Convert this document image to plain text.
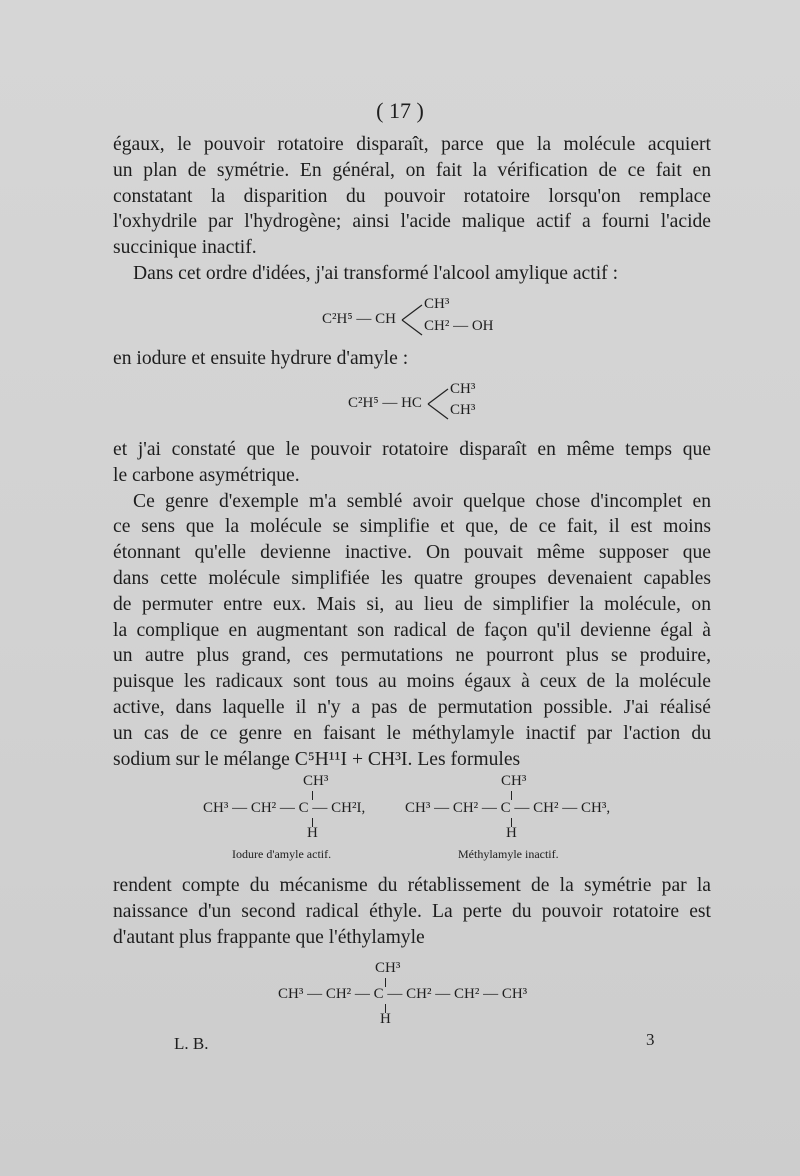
( 17 )
égaux, le pouvoir rotatoire disparaît, parce que la molécule acquiert
un plan de symétrie. En général, on fait la vérification de ce fait en
constatant la disparition du pouvoir rotatoire lorsqu'on remplace
l'oxhydrile par l'hydrogène; ainsi l'acide malique actif a fourni l'acide
succinique inactif.
Dans cet ordre d'idées, j'ai transformé l'alcool amylique actif :
C²H⁵ — CH
CH³
CH² — OH
en iodure et ensuite hydrure d'amyle :
C²H⁵ — HC
CH³
CH³
et j'ai constaté que le pouvoir rotatoire disparaît en même temps que
le carbone asymétrique.
Ce genre d'exemple m'a semblé avoir quelque chose d'incomplet en
ce sens que la molécule se simplifie et que, de ce fait, il est moins
étonnant qu'elle devienne inactive. On pouvait même supposer que
dans cette molécule simplifiée les quatre groupes devenaient capables
de permuter entre eux. Mais si, au lieu de simplifier la molécule, on
la complique en augmentant son radical de façon qu'il devienne égal à
un autre plus grand, ces permutations ne pourront plus se produire,
puisque les radicaux sont tous au moins égaux à ceux de la molécule
active, dans laquelle il n'y a pas de permutation possible. J'ai réalisé
un cas de ce genre en faisant le méthylamyle inactif par l'action du
sodium sur le mélange C⁵H¹¹I + CH³I. Les formules
CH³
CH³ — CH² — C — CH²I,
H
Iodure d'amyle actif.
CH³
CH³ — CH² — C — CH² — CH³,
H
Méthylamyle inactif.
rendent compte du mécanisme du rétablissement de la symétrie par la
naissance d'un second radical éthyle. La perte du pouvoir rotatoire est
d'autant plus frappante que l'éthylamyle
CH³
CH³ — CH² — C — CH² — CH² — CH³
H
L. B.	3
